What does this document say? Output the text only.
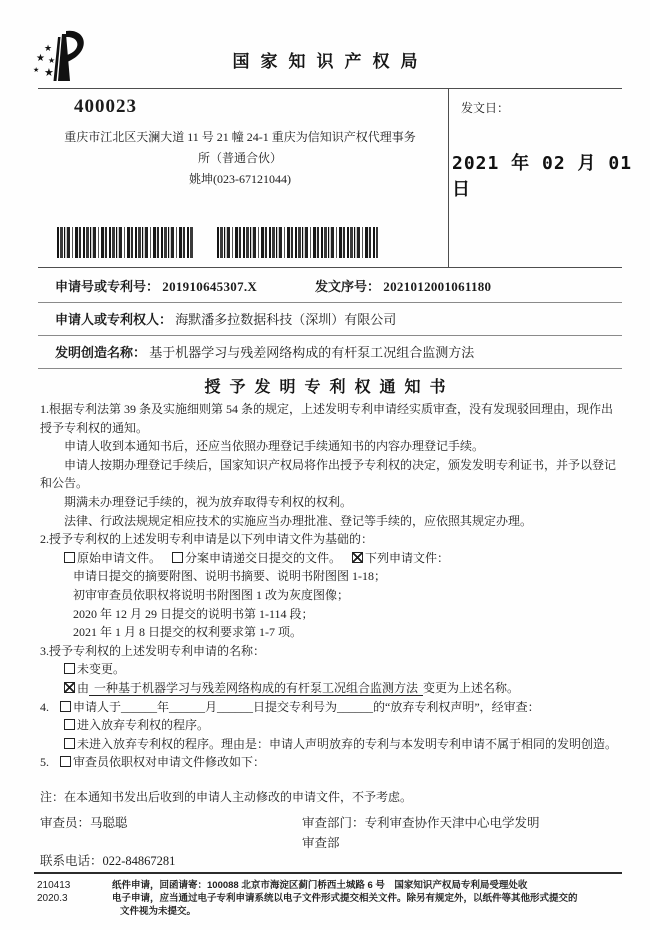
★
★ ★
★ ★
国家知识产权局
400023
重庆市江北区天澜大道 11 号 21 幢 24-1 重庆为信知识产权代理事务
所（普通合伙）
姚坤(023-67121044)
发文日：
2021 年 02 月 01 日
申请号或专利号： 201910645307.X	发文序号： 2021012001061180
申请人或专利权人： 海默潘多拉数据科技（深圳）有限公司
发明创造名称： 基于机器学习与残差网络构成的有杆泵工况组合监测方法
授予发明专利权通知书

1.根据专利法第 39 条及实施细则第 54 条的规定，上述发明专利申请经实质审查，没有发现驳回理由，现作出授予专利权的通知。

申请人收到本通知书后，还应当依照办理登记手续通知书的内容办理登记手续。

申请人按期办理登记手续后，国家知识产权局将作出授予专利权的决定，颁发发明专利证书，并予以登记和公告。

期满未办理登记手续的，视为放弃取得专利权的权利。

法律、行政法规规定相应技术的实施应当办理批准、登记等手续的，应依照其规定办理。

2.授予专利权的上述发明专利申请是以下列申请文件为基础的：

原始申请文件。 分案申请递交日提交的文件。 下列申请文件：

申请日提交的摘要附图、说明书摘要、说明书附图图 1-18；

初审审查员依职权将说明书附图图 1 改为灰度图像；

2020 年 12 月 29 日提交的说明书第 1-114 段；

2021 年 1 月 8 日提交的权利要求第 1-7 项。

3.授予专利权的上述发明专利申请的名称：

未变更。

由 一种基于机器学习与残差网络构成的有杆泵工况组合监测方法 变更为上述名称。

4. 申请人于______年______月______日提交专利号为______的“放弃专利权声明”，经审查：

进入放弃专利权的程序。

未进入放弃专利权的程序。理由是：申请人声明放弃的专利与本发明专利申请不属于相同的发明创造。

5. 审查员依职权对申请文件修改如下：

注：在本通知书发出后收到的申请人主动修改的申请文件，不予考虑。

审查员：马聪聪	审查部门：专利审查协作天津中心电学发明
审查部
联系电话：022-84867281
210413
2020.3
纸件申请，回函请寄：100088 北京市海淀区蓟门桥西土城路 6 号　国家知识产权局专利局受理处收
电子申请，应当通过电子专利申请系统以电子文件形式提交相关文件。除另有规定外，以纸件等其他形式提交的
文件视为未提交。
